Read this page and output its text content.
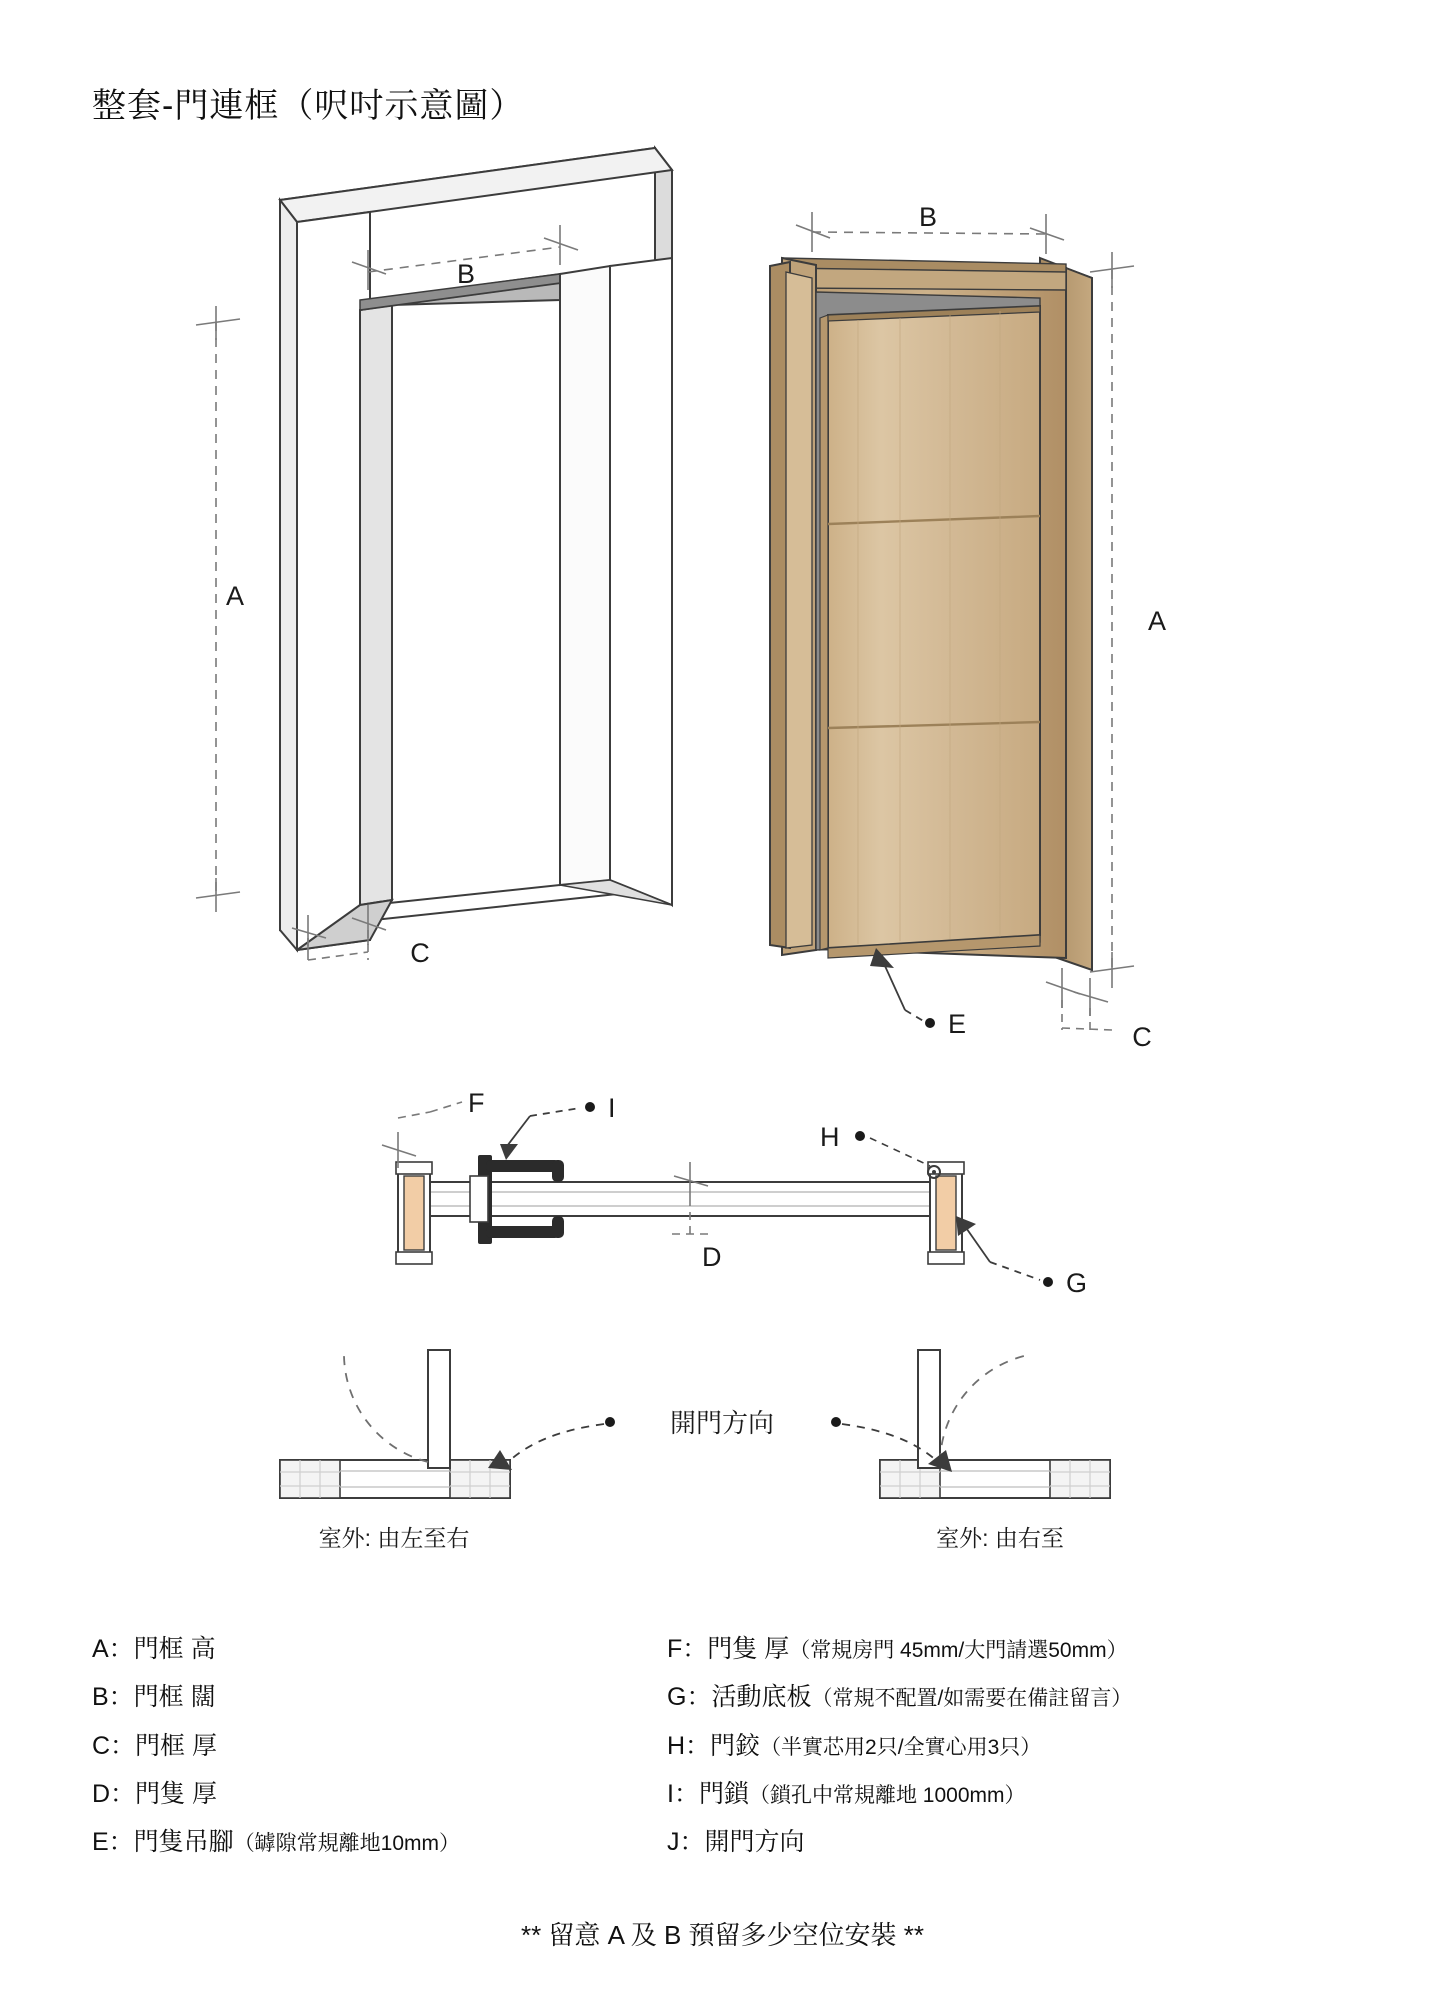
整套-門連框（呎吋示意圖）
B
A
C
B
A
C
E
F	I
H
D
G
室外: 由左至右	室外: 由右至
開門方向
A：門框 高
B：門框 闊
C：門框 厚
D：門隻 厚
E：門隻吊腳（罅隙常規離地10mm）
F：門隻 厚（常規房門 45mm/大門請選50mm）
G：活動底板（常規不配置/如需要在備註留言）
H：門鉸（半實芯用2只/全實心用3只）
I：門鎖（鎖孔中常規離地 1000mm）
J：開門方向
** 留意 A 及 B 預留多少空位安裝 **
